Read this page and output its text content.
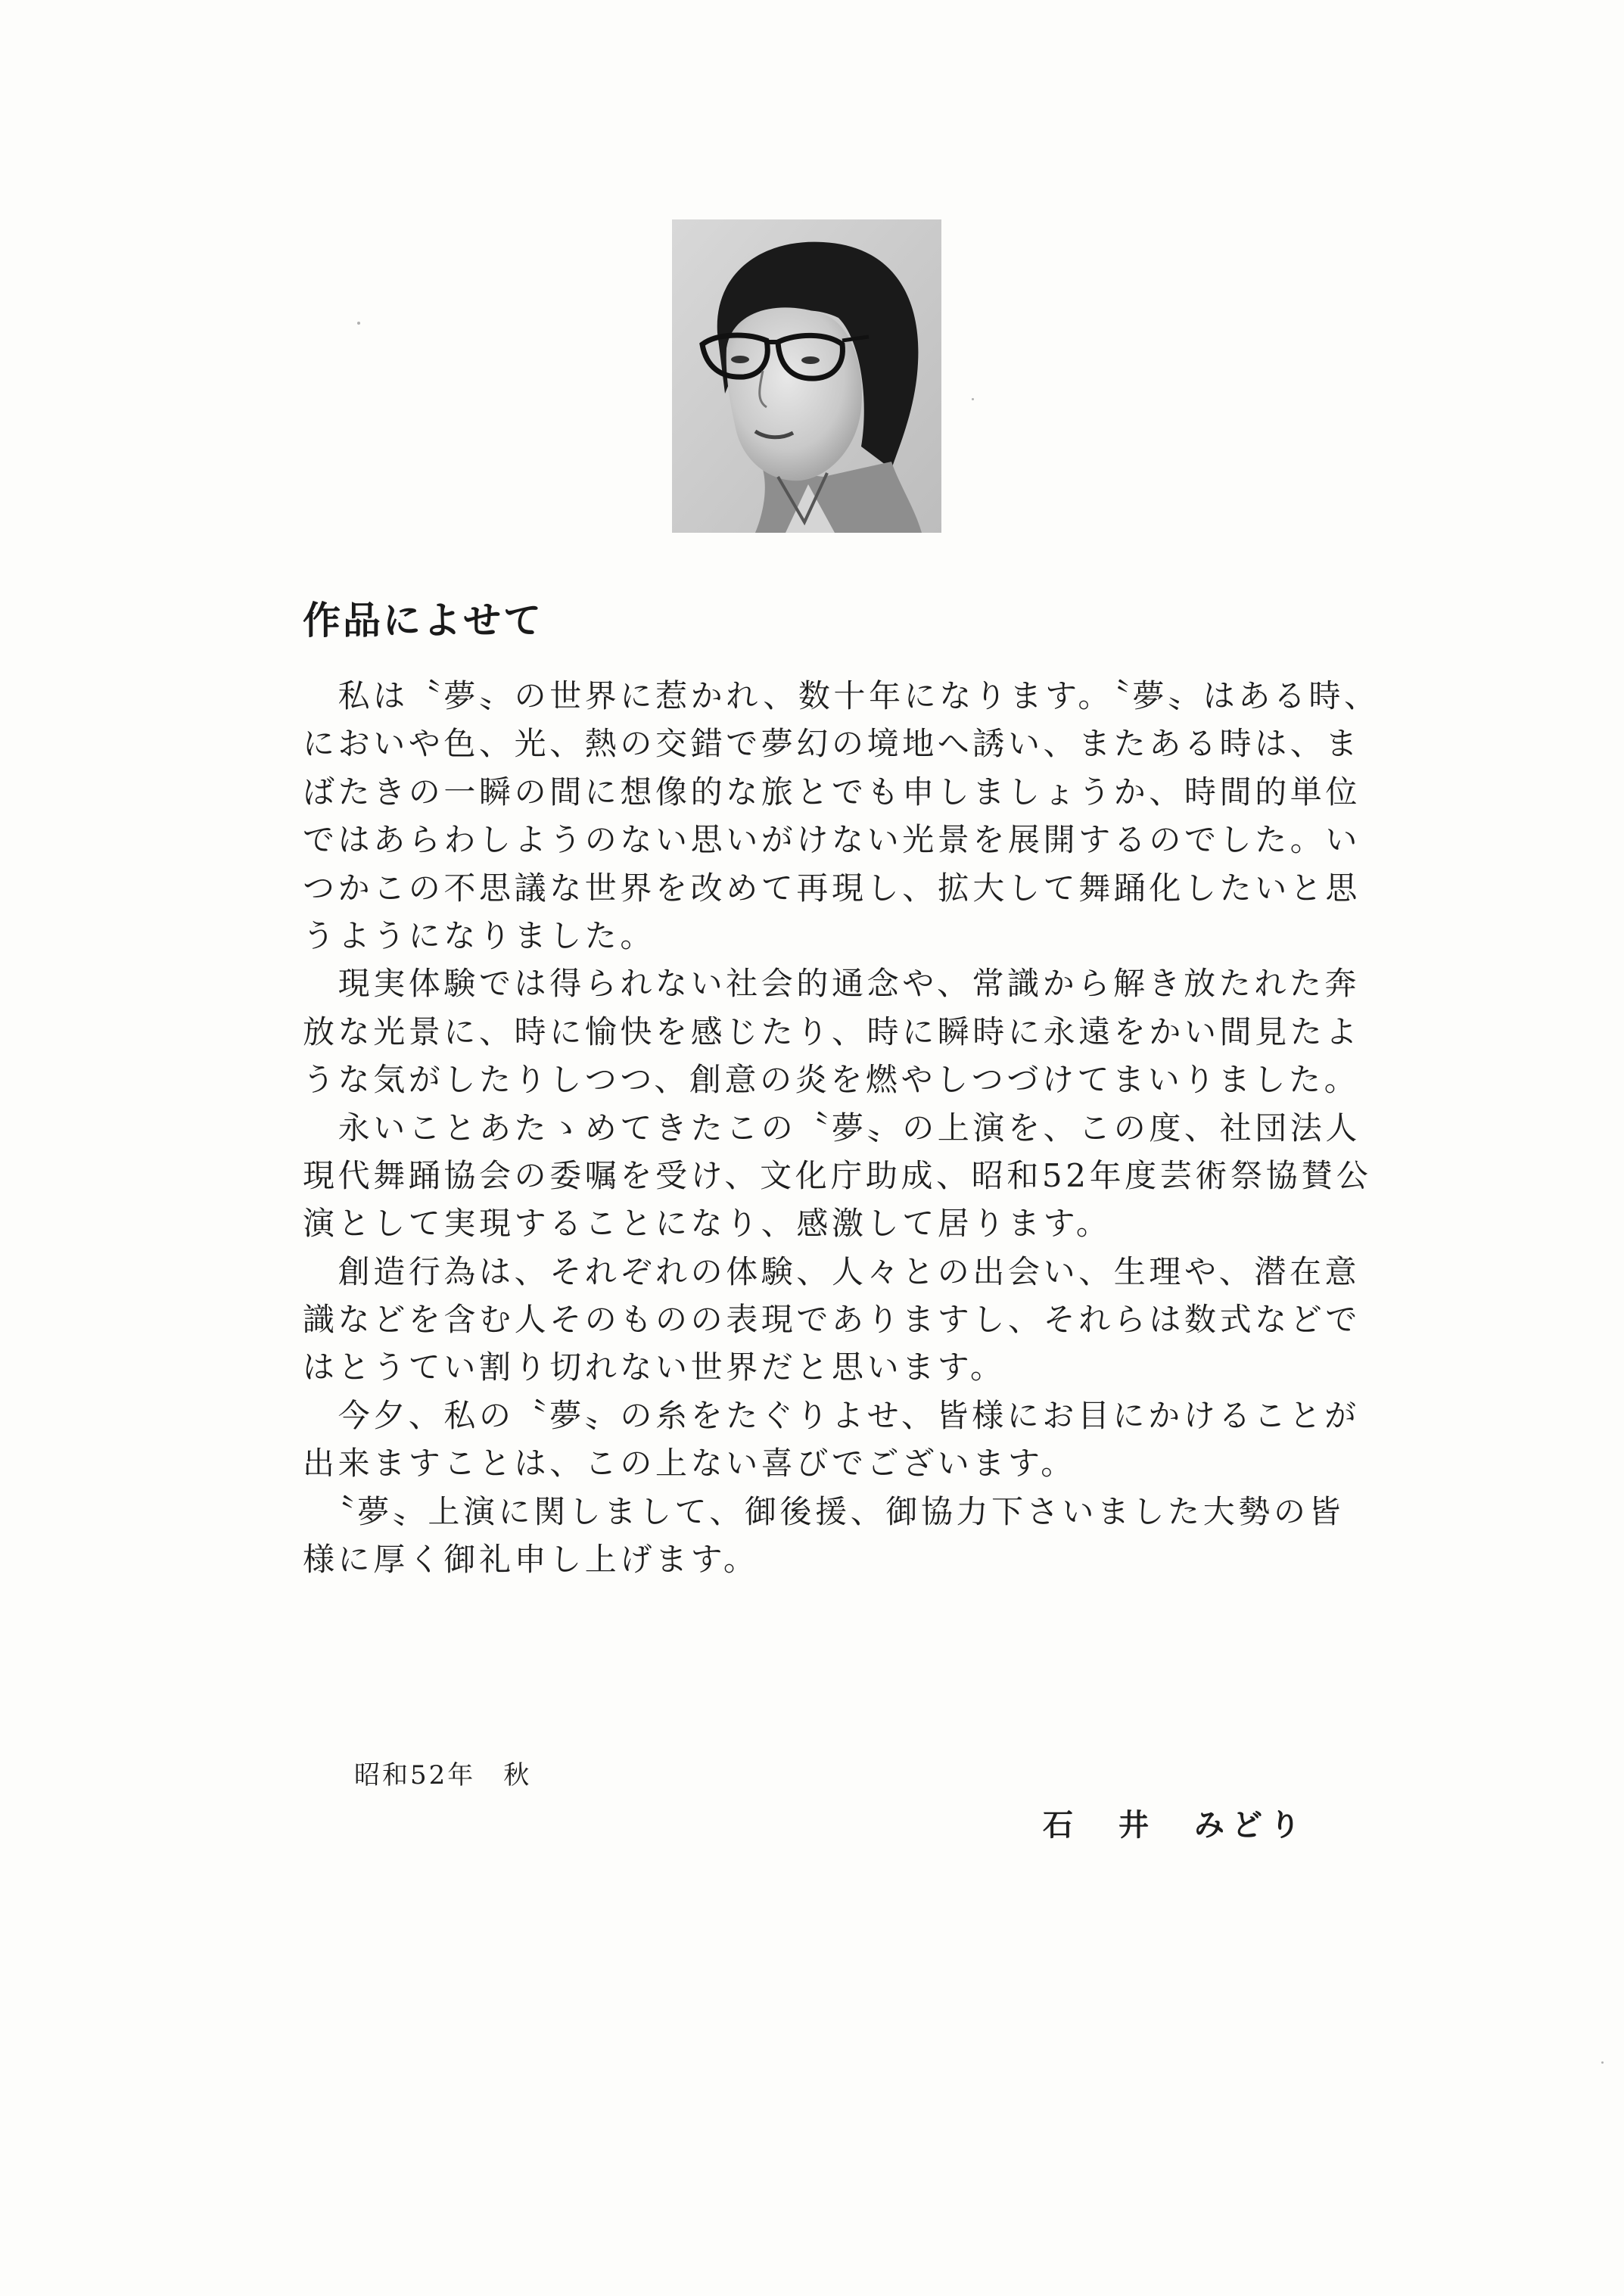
作品によせて
　私は〝夢〟の世界に惹かれ、数十年になります。〝夢〟はある時、
においや色、光、熱の交錯で夢幻の境地へ誘い、またある時は、ま
ばたきの一瞬の間に想像的な旅とでも申しましょうか、時間的単位
ではあらわしようのない思いがけない光景を展開するのでした。い
つかこの不思議な世界を改めて再現し、拡大して舞踊化したいと思
うようになりました。
　現実体験では得られない社会的通念や、常識から解き放たれた奔
放な光景に、時に愉快を感じたり、時に瞬時に永遠をかい間見たよ
うな気がしたりしつつ、創意の炎を燃やしつづけてまいりました。
　永いことあたゝめてきたこの〝夢〟の上演を、この度、社団法人
現代舞踊協会の委嘱を受け、文化庁助成、昭和52年度芸術祭協賛公
演として実現することになり、感激して居ります。
　創造行為は、それぞれの体験、人々との出会い、生理や、潜在意
識などを含む人そのものの表現でありますし、それらは数式などで
はとうてい割り切れない世界だと思います。
　今夕、私の〝夢〟の糸をたぐりよせ、皆様にお目にかけることが
出来ますことは、この上ない喜びでございます。
　〝夢〟上演に関しまして、御後援、御協力下さいました大勢の皆
様に厚く御礼申し上げます。
昭和52年　秋
石　井　みどり
